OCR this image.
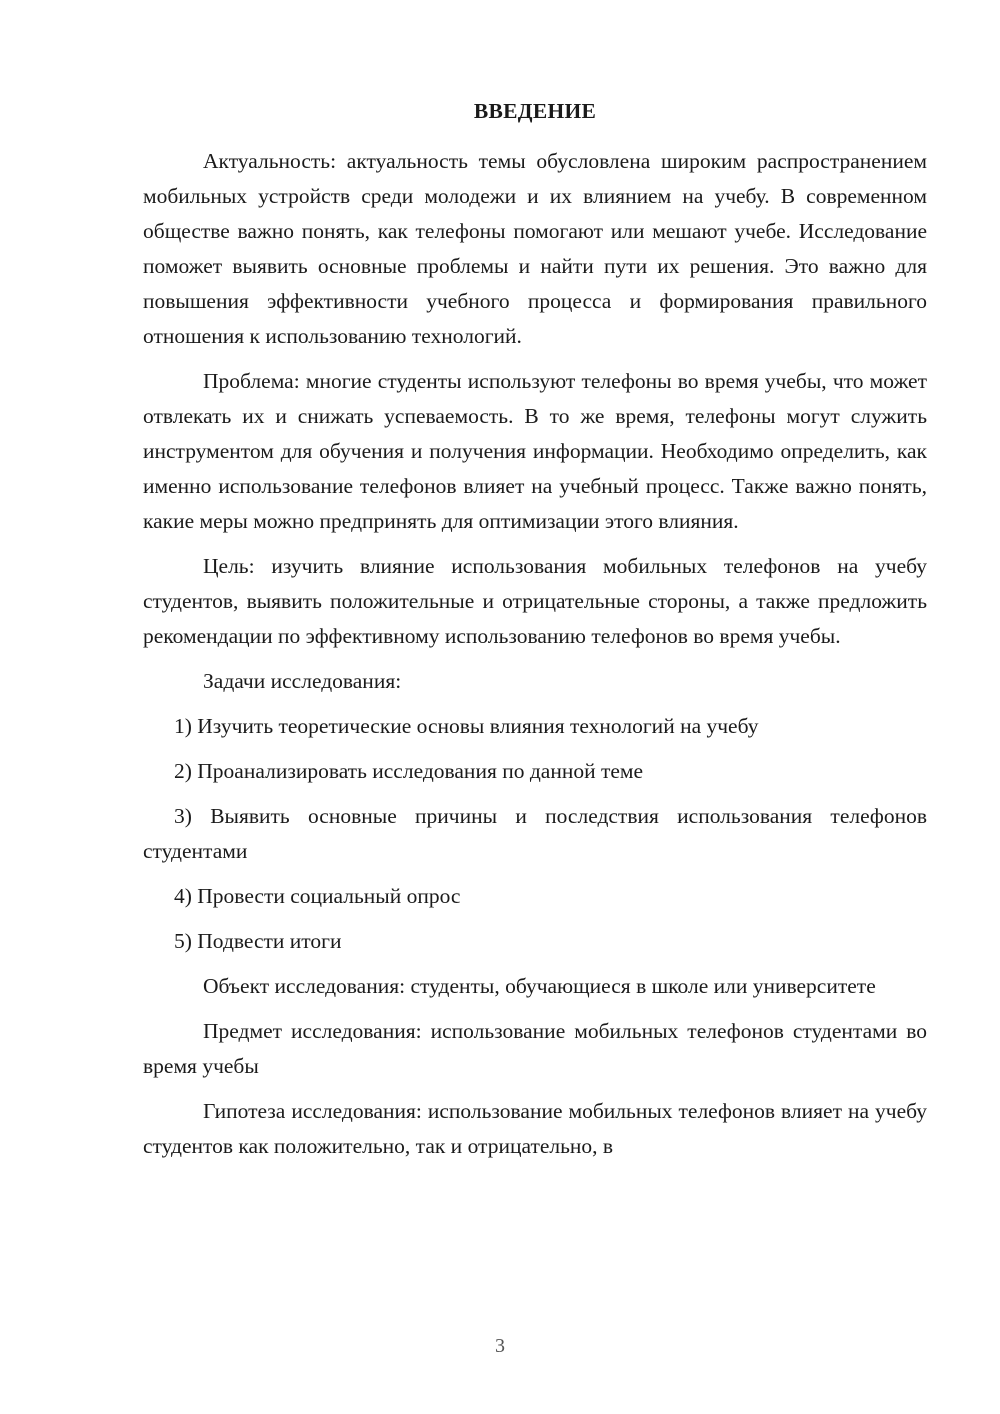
ВВЕДЕНИЕ

Актуальность: актуальность темы обусловлена широким распространением мобильных устройств среди молодежи и их влиянием на учебу. В современном обществе важно понять, как телефоны помогают или мешают учебе. Исследование поможет выявить основные проблемы и найти пути их решения. Это важно для повышения эффективности учебного процесса и формирования правильного отношения к использованию технологий.

Проблема: многие студенты используют телефоны во время учебы, что может отвлекать их и снижать успеваемость. В то же время, телефоны могут служить инструментом для обучения и получения информации. Необходимо определить, как именно использование телефонов влияет на учебный процесс. Также важно понять, какие меры можно предпринять для оптимизации этого влияния.

Цель: изучить влияние использования мобильных телефонов на учебу студентов, выявить положительные и отрицательные стороны, а также предложить рекомендации по эффективному использованию телефонов во время учебы.

Задачи исследования:

1) Изучить теоретические основы влияния технологий на учебу

2) Проанализировать исследования по данной теме

3) Выявить основные причины и последствия использования телефонов студентами

4) Провести социальный опрос

5) Подвести итоги

Объект исследования: студенты, обучающиеся в школе или университете

Предмет исследования: использование мобильных телефонов студентами во время учебы

Гипотеза исследования: использование мобильных телефонов влияет на учебу студентов как положительно, так и отрицательно, в

3
